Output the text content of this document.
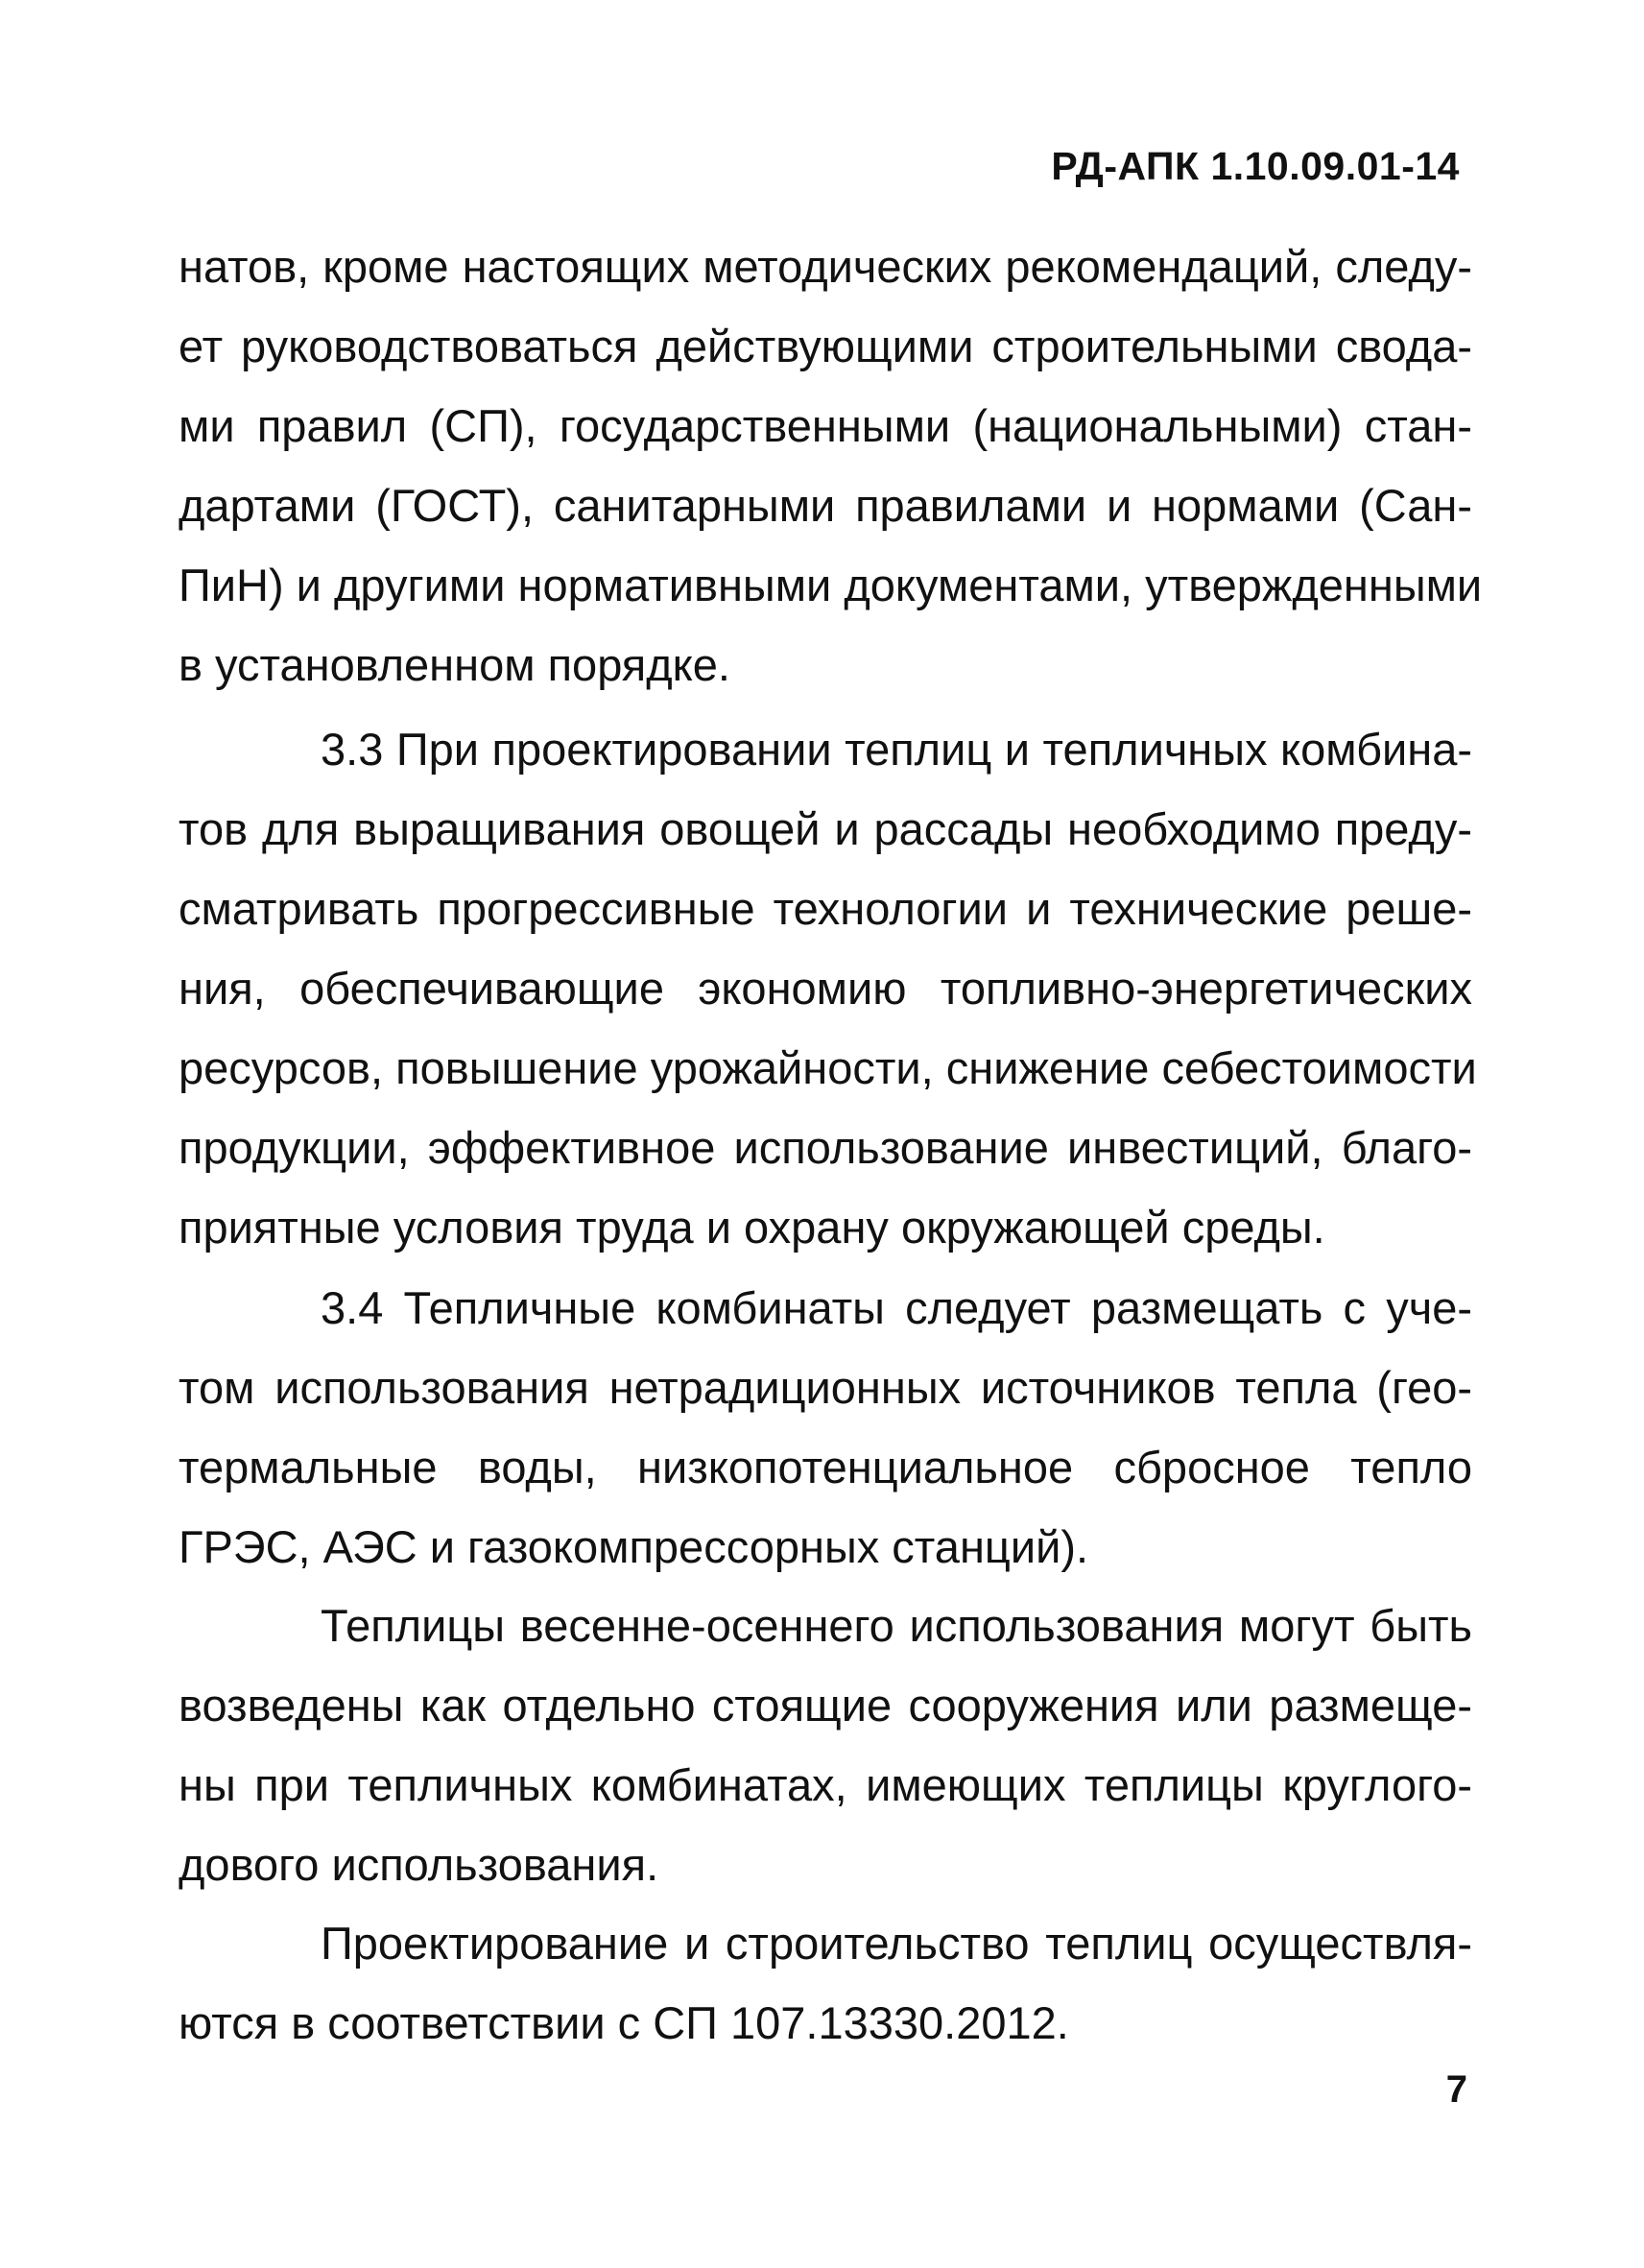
РД-АПК 1.10.09.01-14
натов, кроме настоящих методических рекомендаций, следу-
ет руководствоваться действующими строительными свода-
ми правил (СП), государственными (национальными) стан-
дартами (ГОСТ), санитарными правилами и нормами (Сан-
ПиН) и другими нормативными документами, утвержденными
в установленном порядке.
3.3 При проектировании теплиц и тепличных комбина-
тов для выращивания овощей и рассады необходимо преду-
сматривать прогрессивные технологии и технические реше-
ния, обеспечивающие экономию топливно-энергетических
ресурсов, повышение урожайности, снижение себестоимости
продукции, эффективное использование инвестиций, благо-
приятные условия труда и охрану окружающей среды.
3.4 Тепличные комбинаты следует размещать с уче-
том использования нетрадиционных источников тепла (гео-
термальные воды, низкопотенциальное сбросное тепло
ГРЭС, АЭС и газокомпрессорных станций).
Теплицы весенне-осеннего использования могут быть
возведены как отдельно стоящие сооружения или размеще-
ны при тепличных комбинатах, имеющих теплицы круглого-
дового использования.
Проектирование и строительство теплиц осуществля-
ются в соответствии с СП 107.13330.2012.
7
